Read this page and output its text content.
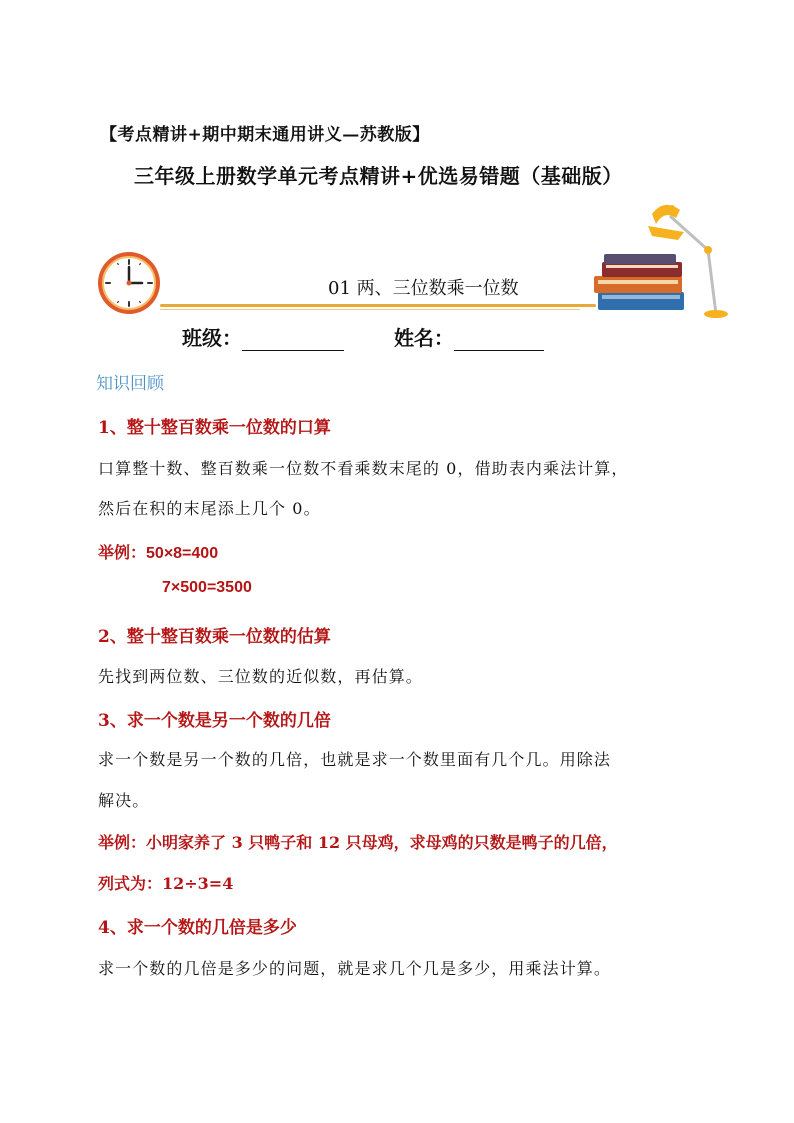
【考点精讲+期中期末通用讲义—苏教版】
三年级上册数学单元考点精讲+优选易错题（基础版）
01 两、三位数乘一位数
班级：	姓名：
知识回顾
1、整十整百数乘一位数的口算
口算整十数、整百数乘一位数不看乘数末尾的 0，借助表内乘法计算，
然后在积的末尾添上几个 0。
举例：50×8=400
7×500=3500
2、整十整百数乘一位数的估算
先找到两位数、三位数的近似数，再估算。
3、求一个数是另一个数的几倍
求一个数是另一个数的几倍，也就是求一个数里面有几个几。用除法
解决。
举例：小明家养了 3 只鸭子和 12 只母鸡，求母鸡的只数是鸭子的几倍，
列式为：12÷3=4
4、求一个数的几倍是多少
求一个数的几倍是多少的问题，就是求几个几是多少，用乘法计算。
